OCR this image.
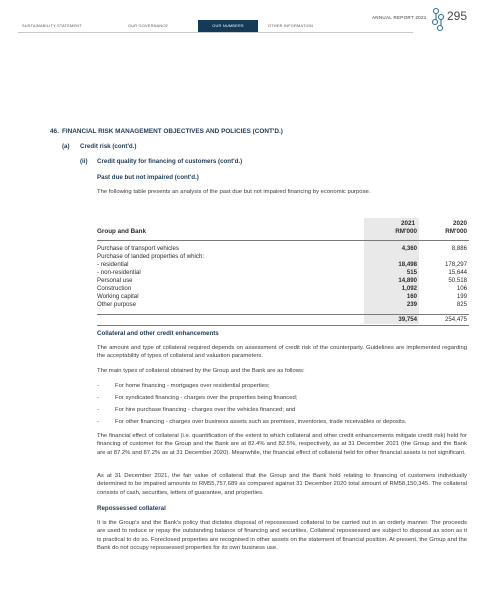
SUSTAINABILITY STATEMENT	OUR GOVERNANCE	OUR NUMBERS	OTHER INFORMATION
ANNUAL REPORT 2021 295
46. FINANCIAL RISK MANAGEMENT OBJECTIVES AND POLICIES (CONT'D.)
(a) Credit risk (cont'd.)
(ii) Credit quality for financing of customers (cont'd.)
Past due but not impaired (cont'd.)
The following table presents an analysis of the past due but not impaired financing by economic purpose.
Group and Bank
2021	2020
RM'000	RM'000
Purchase of transport vehicles	4,360	8,886
Purchase of landed properties of which:
- residential	18,498	178,297
- non-residential	515	15,644
Personal use	14,890	50,518
Construction	1,092	106
Working capital	160	199
Other purpose	239	825
39,754	254,475
Collateral and other credit enhancements

The amount and type of collateral required depends on assessment of credit risk of the counterparty. Guidelines are implemented regarding the acceptability of types of collateral and valuation parameters.

The main types of collateral obtained by the Group and the Bank are as follows:

-	For home financing - mortgages over residential properties;
-	For syndicated financing - charges over the properties being financed;
-	For hire purchase financing - charges over the vehicles financed; and
-	For other financing - charges over business assets such as premises, inventories, trade receivables or deposits.

The financial effect of collateral (i.e. quantification of the extent to which collateral and other credit enhancements mitigate credit risk) held for financing of customer for the Group and the Bank are at 82.4% and 82.5%, respectively, as at 31 December 2021 (the Group and the Bank are at 87.2% and 87.2% as at 31 December 2020). Meanwhile, the financial effect of collateral held for other financial assets is not significant.

As at 31 December 2021, the fair value of collateral that the Group and the Bank hold relating to financing of customers individually determined to be impaired amounts to RM55,757,689 as compared against 31 December 2020 total amount of RM58,150,345. The collateral consists of cash, securities, letters of guarantee, and properties.

Repossessed collateral

It is the Group's and the Bank's policy that dictates disposal of repossessed collateral to be carried out in an orderly manner. The proceeds are used to reduce or repay the outstanding balance of financing and securities. Collateral repossessed are subject to disposal as soon as it is practical to do so. Foreclosed properties are recognised in other assets on the statement of financial position. At present, the Group and the Bank do not occupy repossessed properties for its own business use.
